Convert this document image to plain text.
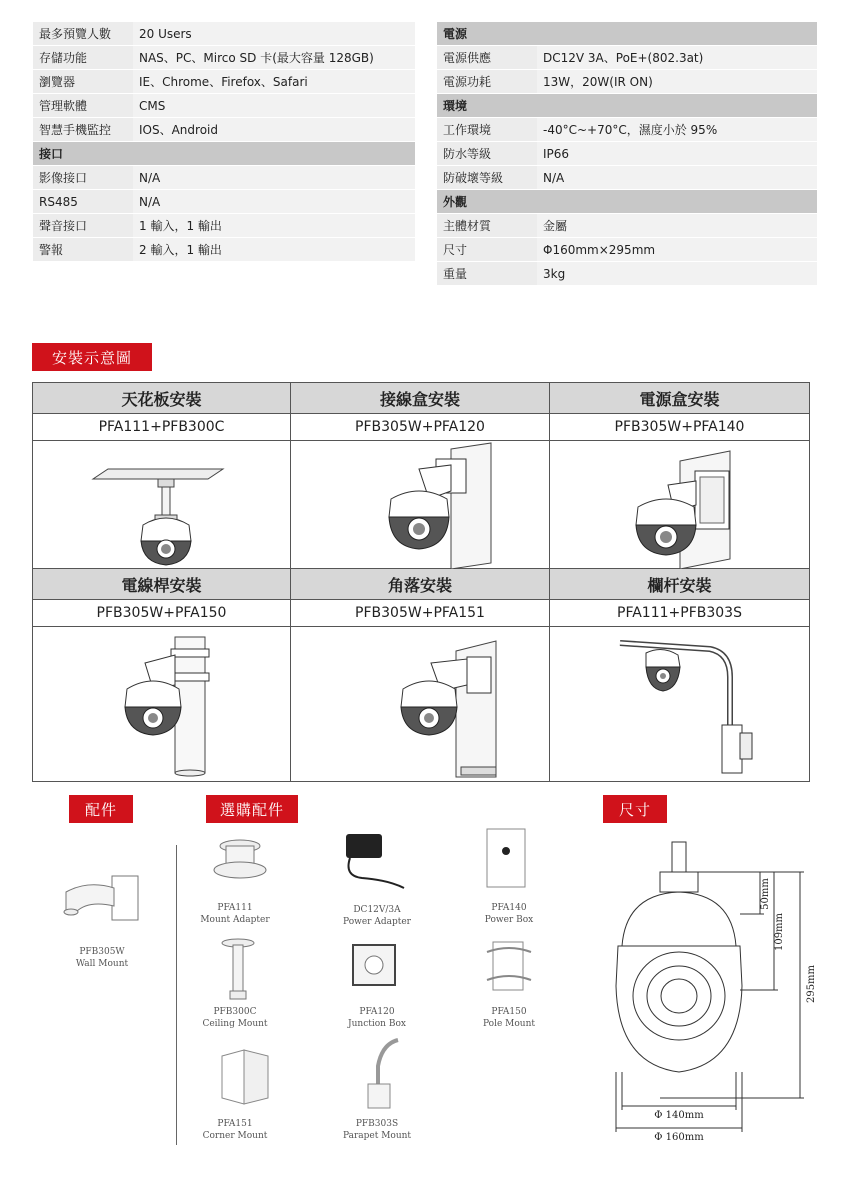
最多預覽人數	20 Users
存儲功能	NAS、PC、Mirco SD 卡(最大容量 128GB)
瀏覽器	IE、Chrome、Firefox、Safari
管理軟體	CMS
智慧手機監控	IOS、Android
接口	
影像接口	N/A
RS485	N/A
聲音接口	1 輸入，1 輸出
警報	2 輸入，1 輸出
電源	
電源供應	DC12V 3A、PoE+(802.3at)
電源功耗	13W，20W(IR ON)
環境	
工作環境	-40°C~+70°C，濕度小於 95%
防水等級	IP66
防破壞等級	N/A
外觀	
主體材質	金屬
尺寸	Φ160mm×295mm
重量	3kg
安裝示意圖
天花板安裝	接線盒安裝	電源盒安裝
PFA111+PFB300C	PFB305W+PFA120	PFB305W+PFA140
電線桿安裝	角落安裝	欄杆安裝
PFB305W+PFA150	PFB305W+PFA151	PFA111+PFB303S
配件	選購配件	尺寸
PFB305W
Wall Mount
PFA111
Mount Adapter
DC12V/3A
Power Adapter
PFA140
Power Box
PFB300C
Ceiling Mount
PFA120
Junction Box
PFA150
Pole Mount
PFA151
Corner Mount
PFB303S
Parapet Mount
50mm
109mm
295mm
Φ 140mm
Φ 160mm
